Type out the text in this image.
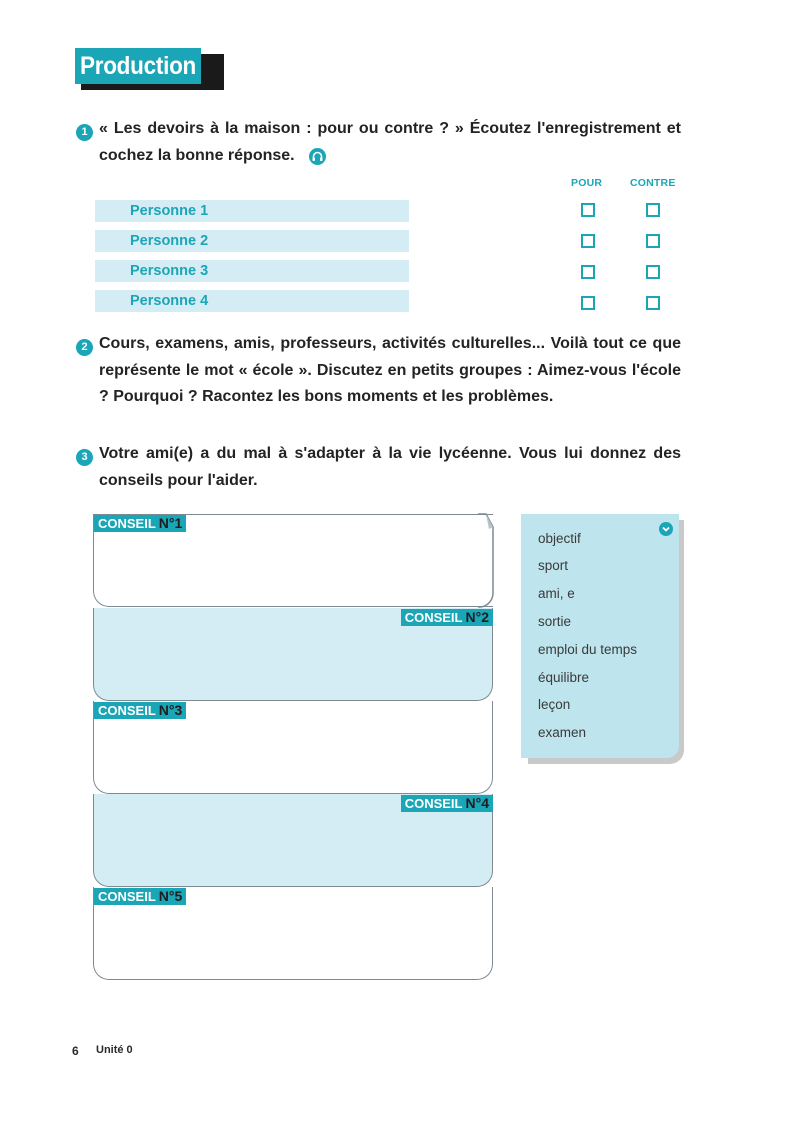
Production
1 « Les devoirs à la maison : pour ou contre ? » Écoutez l'enregistrement et cochez la bonne réponse.
POUR	CONTRE
Personne 1
Personne 2
Personne 3
Personne 4
2 Cours, examens, amis, professeurs, activités culturelles... Voilà tout ce que représente le mot « école ». Discutez en petits groupes : Aimez-vous l'école ? Pourquoi ? Racontez les bons moments et les problèmes.
3 Votre ami(e) a du mal à s'adapter à la vie lycéenne. Vous lui donnez des conseils pour l'aider.
CONSEIL N°1
CONSEIL N°2
CONSEIL N°3
CONSEIL N°4
CONSEIL N°5
objectif
sport
ami, e
sortie
emploi du temps
équilibre
leçon
examen
6 Unité 0
